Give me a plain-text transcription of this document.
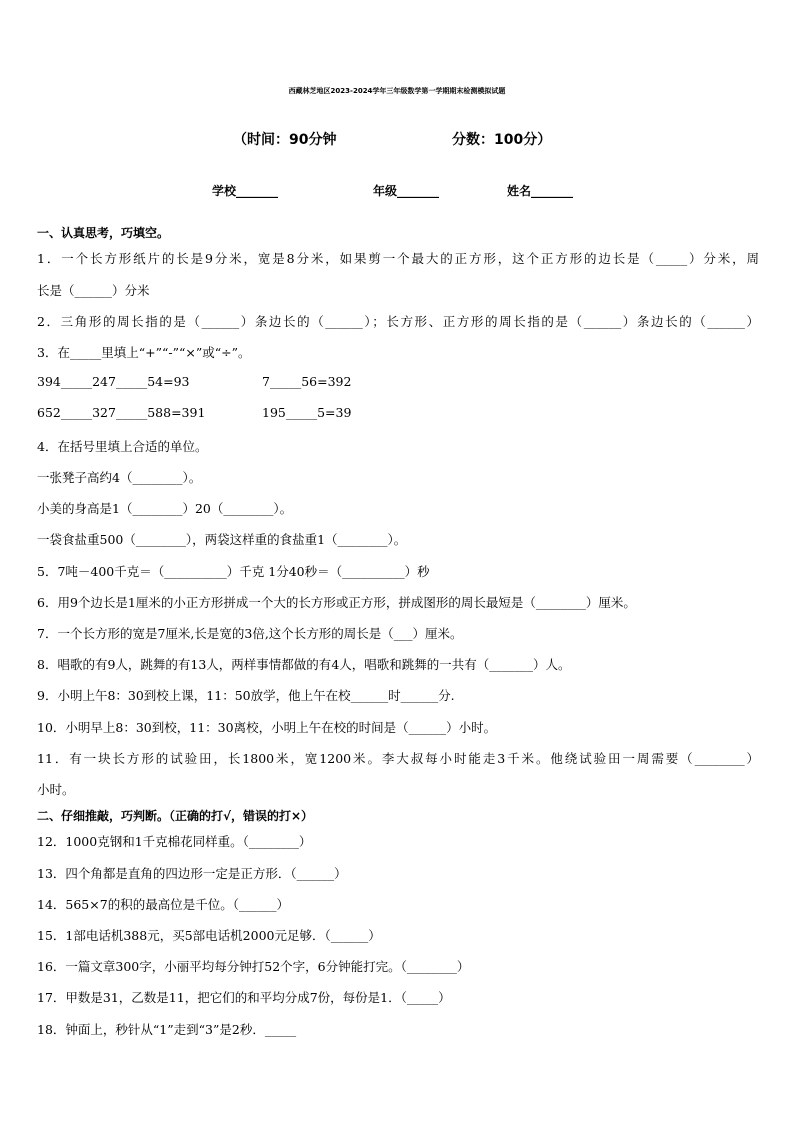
西藏林芝地区2023-2024学年三年级数学第一学期期末检测模拟试题
（时间：90分钟	分数：100分）
学校_______	年级_______	姓名_______
一、认真思考，巧填空。
1．一个长方形纸片的长是9分米，宽是8分米，如果剪一个最大的正方形，这个正方形的边长是（_____）分米，周
长是（______）分米
2．三角形的周长指的是（______）条边长的（______）；长方形、正方形的周长指的是（______）条边长的（______）
3．在_____里填上“+”“-”“×”或“÷”。
394_____247_____54=93	7_____56=392
652_____327_____588=391	195_____5=39
4．在括号里填上合适的单位。
一张凳子高约4（________）。
小美的身高是1（________）20（________）。
一袋食盐重500（________），两袋这样重的食盐重1（________）。
5．7吨－400千克＝（__________）千克 1分40秒＝（__________）秒
6．用9个边长是1厘米的小正方形拼成一个大的长方形或正方形，拼成图形的周长最短是（________）厘米。
7．一个长方形的宽是7厘米,长是宽的3倍,这个长方形的周长是（___）厘米。
8．唱歌的有9人，跳舞的有13人，两样事情都做的有4人，唱歌和跳舞的一共有（_______）人。
9．小明上午8：30到校上课，11：50放学，他上午在校______时______分.
10．小明早上8：30到校，11：30离校，小明上午在校的时间是（______）小时。
11．有一块长方形的试验田，长1800米，宽1200米。李大叔每小时能走3千米。他绕试验田一周需要（________）
小时。
二、仔细推敲，巧判断。（正确的打√，错误的打×）
12．1000克钢和1千克棉花同样重。（________）
13．四个角都是直角的四边形一定是正方形．（______）
14．565×7的积的最高位是千位。（______）
15．1部电话机388元，买5部电话机2000元足够．（______）
16．一篇文章300字，小丽平均每分钟打52个字，6分钟能打完。（________）
17．甲数是31，乙数是11，把它们的和平均分成7份，每份是1．（_____）
18．钟面上，秒针从“1”走到“3”是2秒．_____
